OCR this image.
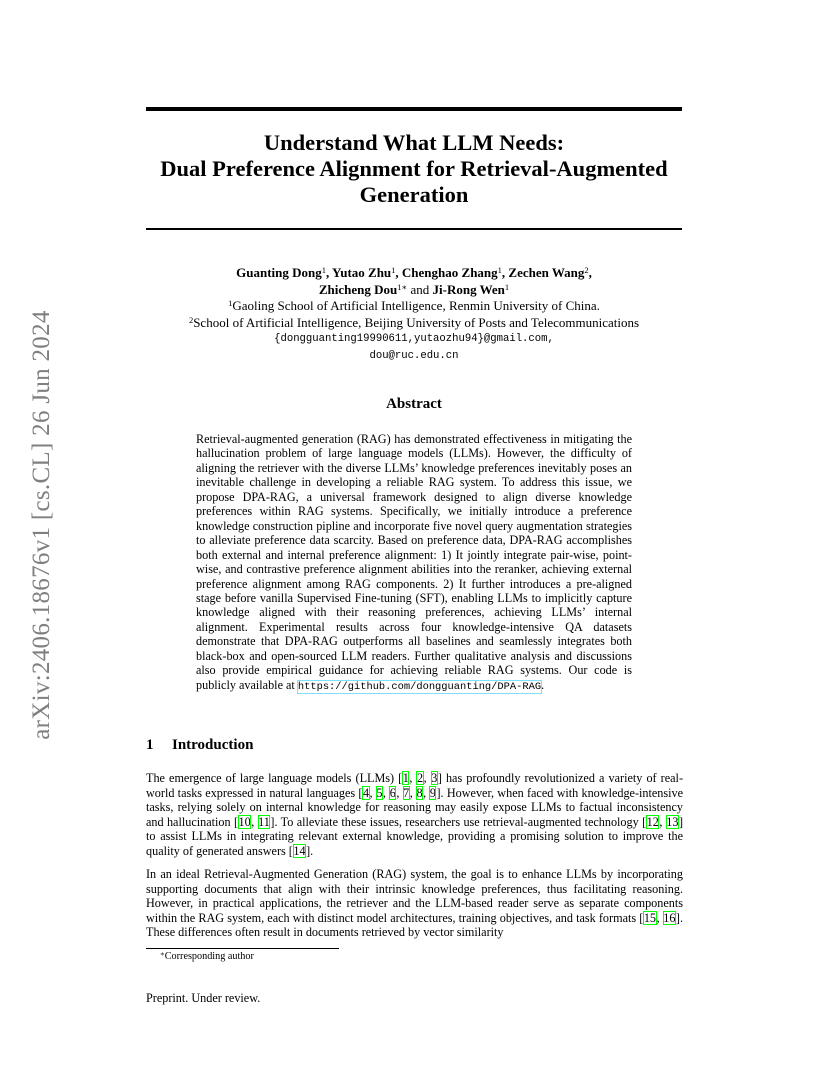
arXiv:2406.18676v1 [cs.CL] 26 Jun 2024
Understand What LLM Needs:
Dual Preference Alignment for Retrieval-Augmented
Generation
Guanting Dong$^1$, Yutao Zhu$^1$, Chenghao Zhang$^1$, Zechen Wang$^2$,
Zhicheng Dou$^{1∗}$ and Ji-Rong Wen$^1$
$^1$Gaoling School of Artificial Intelligence, Renmin University of China.
$^2$School of Artificial Intelligence, Beijing University of Posts and Telecommunications
{dongguanting19990611,yutaozhu94}@gmail.com,
dou@ruc.edu.cn
Abstract
Retrieval-augmented generation (RAG) has demonstrated effectiveness in mitigating the hallucination problem of large language models (LLMs). However, the difficulty of aligning the retriever with the diverse LLMs’ knowledge preferences inevitably poses an inevitable challenge in developing a reliable RAG system. To address this issue, we propose DPA-RAG, a universal framework designed to align diverse knowledge preferences within RAG systems. Specifically, we initially introduce a preference knowledge construction pipline and incorporate five novel query augmentation strategies to alleviate preference data scarcity. Based on preference data, DPA-RAG accomplishes both external and internal preference alignment: 1) It jointly integrate pair-wise, point-wise, and contrastive preference alignment abilities into the reranker, achieving external preference alignment among RAG components. 2) It further introduces a pre-aligned stage before vanilla Supervised Fine-tuning (SFT), enabling LLMs to implicitly capture knowledge aligned with their reasoning preferences, achieving LLMs’ internal alignment. Experimental results across four knowledge-intensive QA datasets demonstrate that DPA-RAG outperforms all baselines and seamlessly integrates both black-box and open-sourced LLM readers. Further qualitative analysis and discussions also provide empirical guidance for achieving reliable RAG systems. Our code is publicly available at https://github.com/dongguanting/DPA-RAG.
1 Introduction
The emergence of large language models (LLMs) [1, 2, 3] has profoundly revolutionized a variety of real-world tasks expressed in natural languages [4, 5, 6, 7, 8, 9]. However, when faced with knowledge-intensive tasks, relying solely on internal knowledge for reasoning may easily expose LLMs to factual inconsistency and hallucination [10, 11]. To alleviate these issues, researchers use retrieval-augmented technology [12, 13] to assist LLMs in integrating relevant external knowledge, providing a promising solution to improve the quality of generated answers [14].
In an ideal Retrieval-Augmented Generation (RAG) system, the goal is to enhance LLMs by incorporating supporting documents that align with their intrinsic knowledge preferences, thus facilitating reasoning. However, in practical applications, the retriever and the LLM-based reader serve as separate components within the RAG system, each with distinct model architectures, training objectives, and task formats [15, 16]. These differences often result in documents retrieved by vector similarity
∗Corresponding author
Preprint. Under review.
